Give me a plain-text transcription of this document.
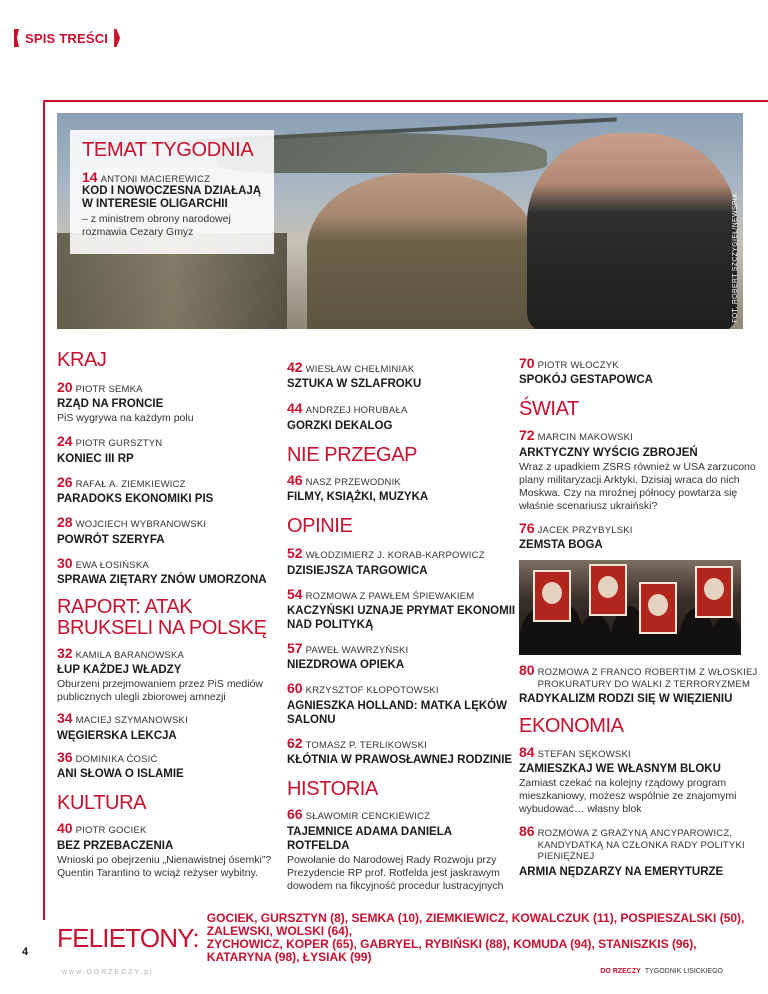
SPIS TREŚCI
FOT. ROBERT SZCZYGIEŁ/NEWSPIX
TEMAT TYGODNIA
14 ANTONI MACIEREWICZ
KOD I NOWOCZESNA DZIAŁAJĄ W INTERESIE OLIGARCHII
– z ministrem obrony narodowej rozmawia Cezary Gmyz
KRAJ
20 PIOTR SEMKA
RZĄD NA FRONCIE
PiS wygrywa na każdym polu
24 PIOTR GURSZTYN
KONIEC III RP
26 RAFAŁ A. ZIEMKIEWICZ
PARADOKS EKONOMIKI PIS
28 WOJCIECH WYBRANOWSKI
POWRÓT SZERYFA
30 EWA ŁOSIŃSKA
SPRAWA ZIĘTARY ZNÓW UMORZONA
RAPORT: ATAK BRUKSELI NA POLSKĘ
32 KAMILA BARANOWSKA
ŁUP KAŻDEJ WŁADZY
Oburzeni przejmowaniem przez PiS mediów publicznych ulegli zbiorowej amnezji
34 MACIEJ SZYMANOWSKI
WĘGIERSKA LEKCJA
36 DOMINIKA ĆOSIĆ
ANI SŁOWA O ISLAMIE
KULTURA
40 PIOTR GOCIEK
BEZ PRZEBACZENIA
Wnioski po obejrzeniu „Nienawistnej ósemki”? Quentin Tarantino to wciąż reżyser wybitny.
42 WIESŁAW CHEŁMINIAK
SZTUKA W SZLAFROKU
44 ANDRZEJ HORUBAŁA
GORZKI DEKALOG
NIE PRZEGAP
46 NASZ PRZEWODNIK
FILMY, KSIĄŻKI, MUZYKA
OPINIE
52 WŁODZIMIERZ J. KORAB-KARPOWICZ
DZISIEJSZA TARGOWICA
54 ROZMOWA Z PAWŁEM ŚPIEWAKIEM
KACZYŃSKI UZNAJE PRYMAT EKONOMII NAD POLITYKĄ
57 PAWEŁ WAWRZYŃSKI
NIEZDROWA OPIEKA
60 KRZYSZTOF KŁOPOTOWSKI
AGNIESZKA HOLLAND: MATKA LĘKÓW SALONU
62 TOMASZ P. TERLIKOWSKI
KŁÓTNIA W PRAWOSŁAWNEJ RODZINIE
HISTORIA
66 SŁAWOMIR CENCKIEWICZ
TAJEMNICE ADAMA DANIELA ROTFELDA
Powołanie do Narodowej Rady Rozwoju przy Prezydencie RP prof. Rotfelda jest jaskrawym dowodem na fikcyjność procedur lustracyjnych
70 PIOTR WŁOCZYK
SPOKÓJ GESTAPOWCA
ŚWIAT
72 MARCIN MAKOWSKI
ARKTYCZNY WYŚCIG ZBROJEŃ
Wraz z upadkiem ZSRS również w USA zarzucono plany militaryzacji Arktyki. Dzisiaj wraca do nich Moskwa. Czy na mroźnej północy powtarza się właśnie scenariusz ukraiński?
76 JACEK PRZYBYLSKI
ZEMSTA BOGA
80 ROZMOWA Z FRANCO ROBERTIM Z WŁOSKIEJ PROKURATURY DO WALKI Z TERRORYZMEM
RADYKALIZM RODZI SIĘ W WIĘZIENIU
EKONOMIA
84 STEFAN SĘKOWSKI
ZAMIESZKAJ WE WŁASNYM BLOKU
Zamiast czekać na kolejny rządowy program mieszkaniowy, możesz wspólnie ze znajomymi wybudować… własny blok
86 ROZMOWA Z GRAŻYNĄ ANCYPAROWICZ, KANDYDATKĄ NA CZŁONKA RADY POLITYKI PIENIĘŻNEJ
ARMIA NĘDZARZY NA EMERYTURZE
FELIETONY:
GOCIEK, GURSZTYN (8), SEMKA (10), ZIEMKIEWICZ, KOWALCZUK (11), POSPIESZALSKI (50), ZALEWSKI, WOLSKI (64),
ZYCHOWICZ, KOPER (65), GABRYEL, RYBIŃSKI (88), KOMUDA (94), STANISZKIS (96), KATARYNA (98), ŁYSIAK (99)
4
www.DORZECZY.pl	DO RZECZY TYGODNIK LISICKIEGO
